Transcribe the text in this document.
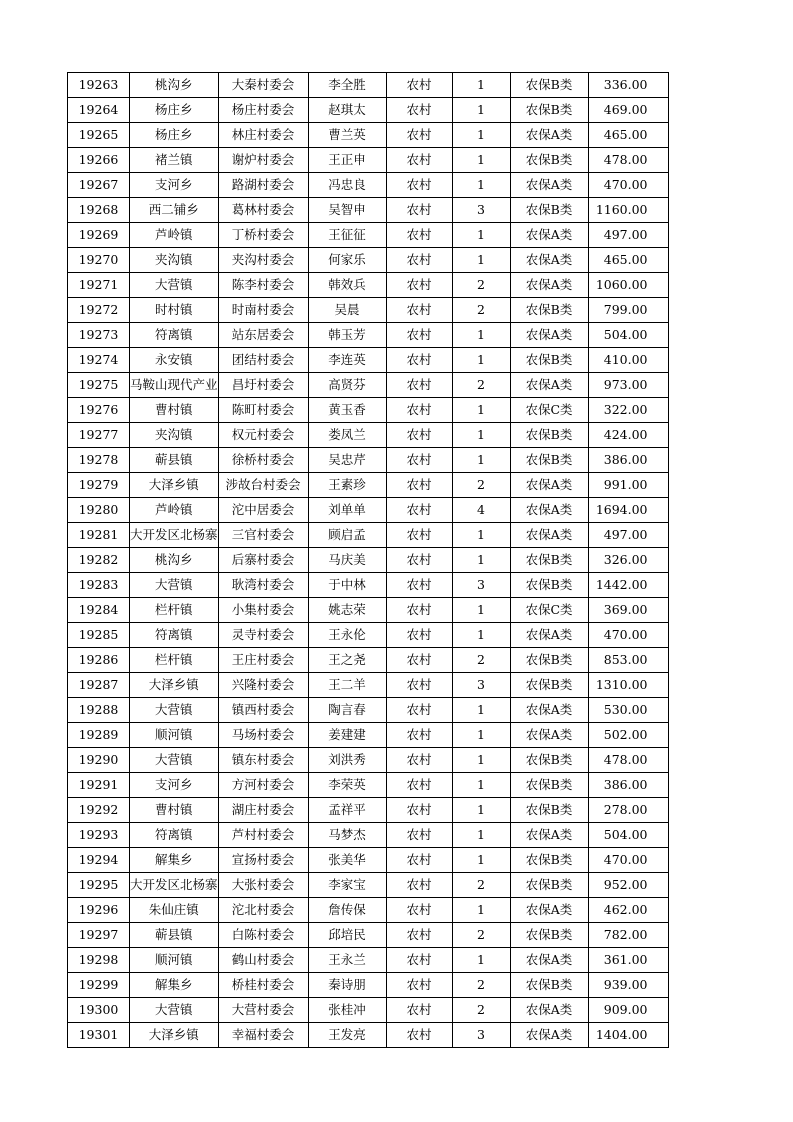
19263	桃沟乡	大秦村委会	李全胜	农村	1	农保B类	336.00
19264	杨庄乡	杨庄村委会	赵琪太	农村	1	农保B类	469.00
19265	杨庄乡	林庄村委会	曹兰英	农村	1	农保A类	465.00
19266	褚兰镇	谢炉村委会	王正申	农村	1	农保B类	478.00
19267	支河乡	路湖村委会	冯忠良	农村	1	农保A类	470.00
19268	西二铺乡	葛林村委会	吴智申	农村	3	农保B类	1160.00
19269	芦岭镇	丁桥村委会	王征征	农村	1	农保A类	497.00
19270	夹沟镇	夹沟村委会	何家乐	农村	1	农保A类	465.00
19271	大营镇	陈李村委会	韩效兵	农村	2	农保A类	1060.00
19272	时村镇	时南村委会	吴晨	农村	2	农保B类	799.00
19273	符离镇	站东居委会	韩玉芳	农村	1	农保A类	504.00
19274	永安镇	团结村委会	李连英	农村	1	农保B类	410.00
19275	马鞍山现代产业	昌圩村委会	高贤芬	农村	2	农保A类	973.00
19276	曹村镇	陈町村委会	黄玉香	农村	1	农保C类	322.00
19277	夹沟镇	权元村委会	娄凤兰	农村	1	农保B类	424.00
19278	蕲县镇	徐桥村委会	吴忠芹	农村	1	农保B类	386.00
19279	大泽乡镇	涉故台村委会	王素珍	农村	2	农保A类	991.00
19280	芦岭镇	沱中居委会	刘单单	农村	4	农保A类	1694.00
19281	大开发区北杨寨	三官村委会	顾启孟	农村	1	农保A类	497.00
19282	桃沟乡	后寨村委会	马庆美	农村	1	农保B类	326.00
19283	大营镇	耿湾村委会	于中林	农村	3	农保B类	1442.00
19284	栏杆镇	小集村委会	姚志荣	农村	1	农保C类	369.00
19285	符离镇	灵寺村委会	王永伦	农村	1	农保A类	470.00
19286	栏杆镇	王庄村委会	王之尧	农村	2	农保B类	853.00
19287	大泽乡镇	兴隆村委会	王二羊	农村	3	农保B类	1310.00
19288	大营镇	镇西村委会	陶言春	农村	1	农保A类	530.00
19289	顺河镇	马场村委会	姜建建	农村	1	农保A类	502.00
19290	大营镇	镇东村委会	刘洪秀	农村	1	农保B类	478.00
19291	支河乡	方河村委会	李荣英	农村	1	农保B类	386.00
19292	曹村镇	湖庄村委会	孟祥平	农村	1	农保B类	278.00
19293	符离镇	芦村村委会	马梦杰	农村	1	农保A类	504.00
19294	解集乡	宣扬村委会	张美华	农村	1	农保B类	470.00
19295	大开发区北杨寨	大张村委会	李家宝	农村	2	农保B类	952.00
19296	朱仙庄镇	沱北村委会	詹传保	农村	1	农保A类	462.00
19297	蕲县镇	白陈村委会	邱培民	农村	2	农保B类	782.00
19298	顺河镇	鹤山村委会	王永兰	农村	1	农保A类	361.00
19299	解集乡	桥桂村委会	秦诗朋	农村	2	农保B类	939.00
19300	大营镇	大营村委会	张桂冲	农村	2	农保A类	909.00
19301	大泽乡镇	幸福村委会	王发亮	农村	3	农保A类	1404.00
